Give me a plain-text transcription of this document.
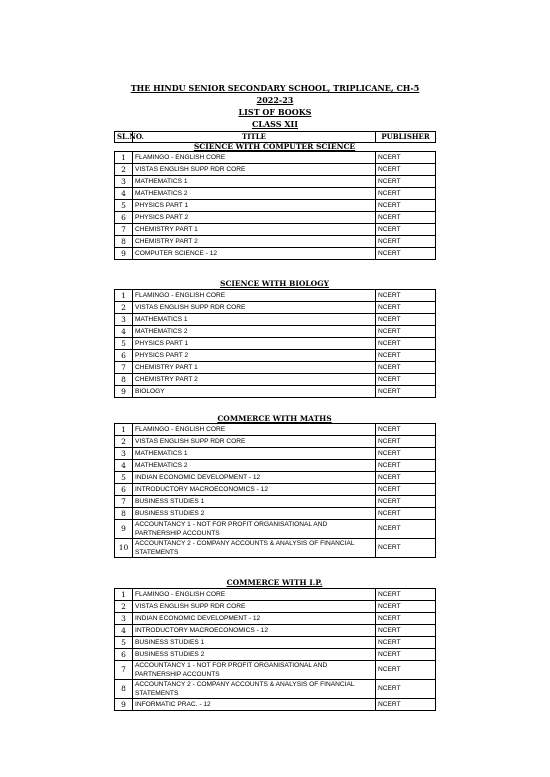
THE HINDU SENIOR SECONDARY SCHOOL, TRIPLICANE, CH-5
2022-23
LIST OF BOOKS
CLASS XII
SL.NO.	TITLE	PUBLISHER
SCIENCE WITH COMPUTER SCIENCE
1	FLAMINGO - ENGLISH CORE	NCERT
2	VISTAS ENGLISH SUPP RDR CORE	NCERT
3	MATHEMATICS 1	NCERT
4	MATHEMATICS 2	NCERT
5	PHYSICS PART 1	NCERT
6	PHYSICS PART 2	NCERT
7	CHEMISTRY PART 1	NCERT
8	CHEMISTRY PART 2	NCERT
9	COMPUTER SCIENCE - 12	NCERT
SCIENCE WITH BIOLOGY
1	FLAMINGO - ENGLISH CORE	NCERT
2	VISTAS ENGLISH SUPP RDR CORE	NCERT
3	MATHEMATICS 1	NCERT
4	MATHEMATICS 2	NCERT
5	PHYSICS PART 1	NCERT
6	PHYSICS PART 2	NCERT
7	CHEMISTRY PART 1	NCERT
8	CHEMISTRY PART 2	NCERT
9	BIOLOGY	NCERT
COMMERCE WITH MATHS
1	FLAMINGO - ENGLISH CORE	NCERT
2	VISTAS ENGLISH SUPP RDR CORE	NCERT
3	MATHEMATICS 1	NCERT
4	MATHEMATICS 2	NCERT
5	INDIAN ECONOMIC DEVELOPMENT - 12	NCERT
6	INTRODUCTORY MACROECONOMICS - 12	NCERT
7	BUSINESS STUDIES 1	NCERT
8	BUSINESS STUDIES 2	NCERT
9	ACCOUNTANCY 1 - NOT FOR PROFIT ORGANISATIONAL AND PARTNERSHIP ACCOUNTS	NCERT
10	ACCOUNTANCY 2 - COMPANY ACCOUNTS & ANALYSIS OF FINANCIAL STATEMENTS	NCERT
COMMERCE WITH I.P.
1	FLAMINGO - ENGLISH CORE	NCERT
2	VISTAS ENGLISH SUPP RDR CORE	NCERT
3	INDIAN ECONOMIC DEVELOPMENT - 12	NCERT
4	INTRODUCTORY MACROECONOMICS - 12	NCERT
5	BUSINESS STUDIES 1	NCERT
6	BUSINESS STUDIES 2	NCERT
7	ACCOUNTANCY 1 - NOT FOR PROFIT ORGANISATIONAL AND PARTNERSHIP ACCOUNTS	NCERT
8	ACCOUNTANCY 2 - COMPANY ACCOUNTS & ANALYSIS OF FINANCIAL STATEMENTS	NCERT
9	INFORMATIC PRAC. - 12	NCERT
